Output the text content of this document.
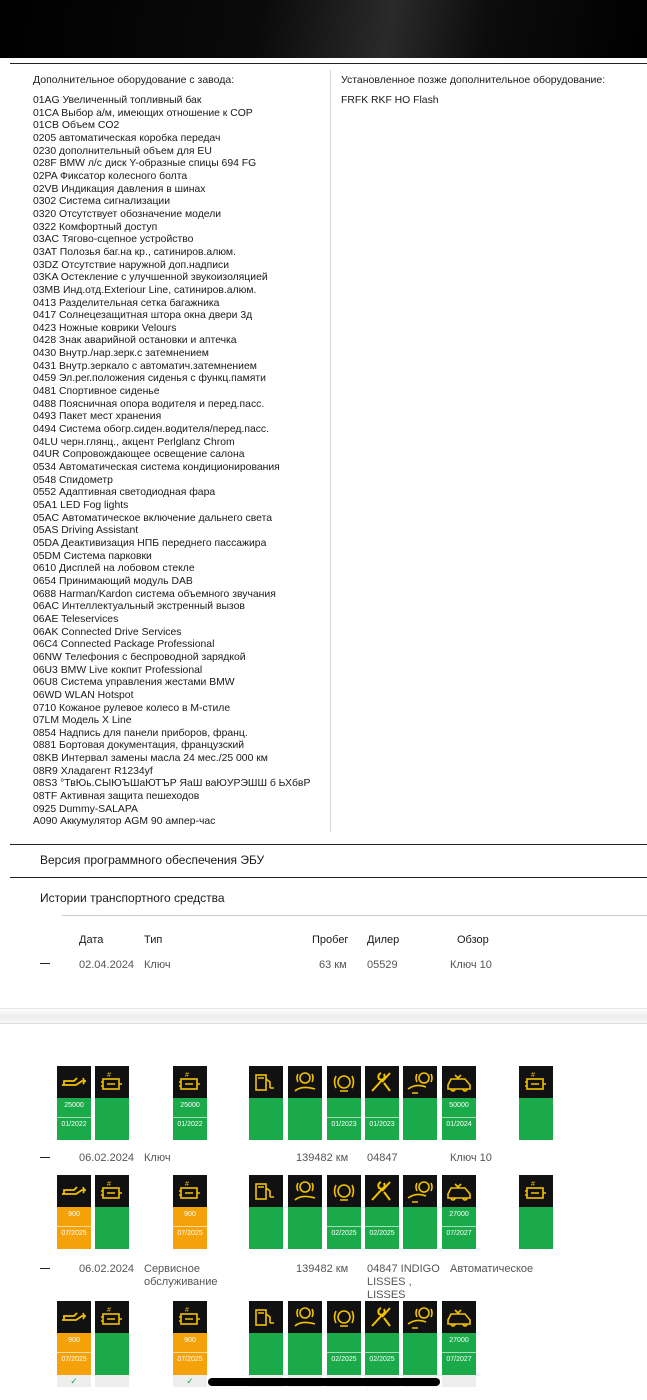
Дополнительное оборудование с завода:
01AG Увеличенный топливный бак
01CA Выбор а/м, имеющих отношение к COP
01CB Объем CO2
0205 автоматическая коробка передач
0230 дополнительный объем для EU
028F BMW л/с диск Y-образные спицы 694 FG
02PA Фиксатор колесного болта
02VB Индикация давления в шинах
0302 Система сигнализации
0320 Отсутствует обозначение модели
0322 Комфортный доступ
03AC Тягово-сцепное устройство
03AT Полозья баг.на кр., сатиниров.алюм.
03DZ Отсутствие наружной доп.надписи
03KA Остекление с улучшенной звукоизоляцией
03MB Инд.отд.Exteriour Line, сатиниров.алюм.
0413 Разделительная сетка багажника
0417 Солнецезащитная штора окна двери 3д
0423 Ножные коврики Velours
0428 Знак аварийной остановки и аптечка
0430 Внутр./нар.зерк.с затемнением
0431 Внутр.зеркало с автоматич.затемнением
0459 Эл.рег.положения сиденья с функц.памяти
0481 Спортивное сиденье
0488 Поясничная опора водителя и перед.пасс.
0493 Пакет мест хранения
0494 Система обогр.сиден.водителя/перед.пасс.
04LU черн.глянц., акцент Perlglanz Chrom
04UR Сопровождающее освещение салона
0534 Автоматическая система кондиционирования
0548 Спидометр
0552 Адаптивная светодиодная фара
05A1 LED Fog lights
05AC Автоматическое включение дальнего света
05AS Driving Assistant
05DA Деактивизация НПБ переднего пассажира
05DM Система парковки
0610 Дисплей на лобовом стекле
0654 Принимающий модуль DAB
0688 Harman/Kardon система объемного звучания
06AC Интеллектуальный экстренный вызов
06AE Teleservices
06AK Connected Drive Services
06C4 Connected Package Professional
06NW Телефония с беспроводной зарядкой
06U3 BMW Live кокпит Professional
06U8 Система управления жестами BMW
06WD WLAN Hotspot
0710 Кожаное рулевое колесо в М-стиле
07LM Модель X Line
0854 Надпись для панели приборов, франц.
0881 Бортовая документация, французский
08KB Интервал замены масла 24 мес./25 000 км
08R9 Хладагент R1234yf
08S3 °ТвЮь.СЫЮЪШаЮТЪР ЯаШ ваЮУРЭШШ б ЬХбвР
08TF Активная защита пешеходов
0925 Dummy-SALAPA
A090 Аккумулятор AGM 90 ампер-час
Установленное позже дополнительное оборудование:
FRFK RKF HO Flash
Версия программного обеспечения ЭБУ
Истории транспортного средства
Дата	Тип	Пробег Дилер	Обзор
02.04.2024 Ключ	63 км 05529	Ключ 10
25000
01/2022
#	#
25000
01/2022	01/2023	01/2023
50000
01/2024
#
06.02.2024 Ключ	139482 км 04847	Ключ 10
900
07/2025
#	#
900
07/2025	02/2025	02/2025
27000
07/2027
#
06.02.2024 Сервисное обслуживание
139482 км 04847 INDIGO LISSES , LISSES
Автоматическое
900
07/2025
✓
#	#
900
07/2025
✓
02/2025	02/2025
27000
07/2027
